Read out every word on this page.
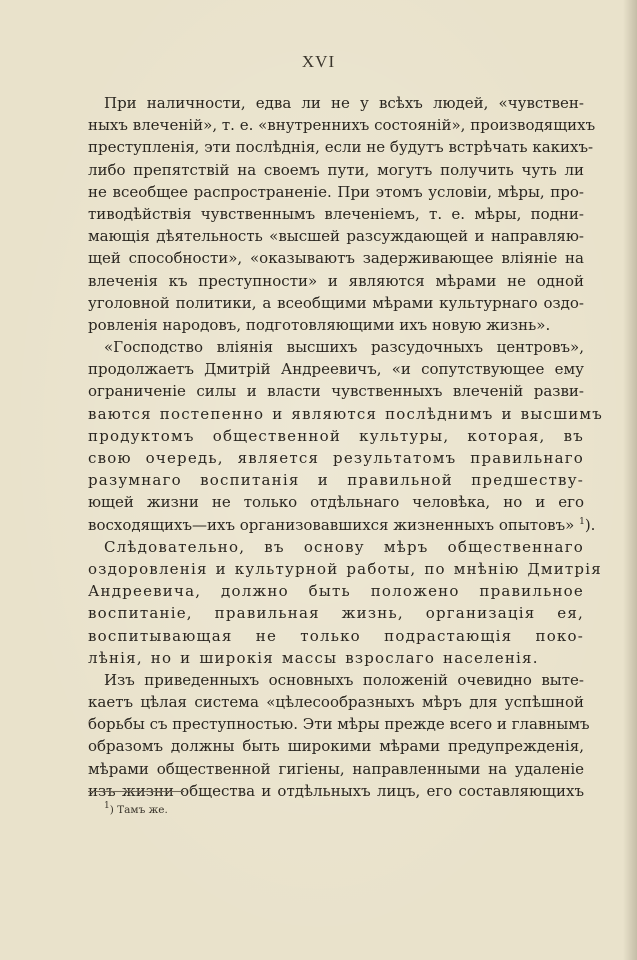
XVI
При наличности, едва ли не у всѣхъ людей, «чувствен-
ныхъ влеченій», т. е. «внутреннихъ состояній», производящихъ
преступленія, эти послѣднія, если не будутъ встрѣчать какихъ-
либо препятствій на своемъ пути, могутъ получить чуть ли
не всеобщее распространеніе. При этомъ условіи, мѣры, про-
тиводѣйствія чувственнымъ влеченіемъ, т. е. мѣры, подни-
мающія дѣятельность «высшей разсуждающей и направляю-
щей способности», «оказываютъ задерживающее вліяніе на
влеченія къ преступности» и являются мѣрами не одной
уголовной политики, а всеобщими мѣрами культурнаго оздо-
ровленія народовъ, подготовляющими ихъ новую жизнь».
«Господство вліянія высшихъ разсудочныхъ центровъ»,
продолжаетъ Дмитрій Андреевичъ, «и сопутствующее ему
ограниченіе силы и власти чувственныхъ влеченій разви-
ваются постепенно и являются послѣднимъ и высшимъ
продуктомъ общественной культуры, которая, въ
свою очередь, является результатомъ правильнаго
разумнаго воспитанія и правильной предшеству-
ющей жизни не только отдѣльнаго человѣка, но и его
восходящихъ—ихъ организовавшихся жизненныхъ опытовъ» $^1$).
Слѣдовательно, въ основу мѣръ общественнаго
оздоровленія и культурной работы, по мнѣнію Дмитрія
Андреевича, должно быть положено правильное
воспитаніе, правильная жизнь, организація ея,
воспитывающая не только подрастающія поко-
лѣнія, но и широкія массы взрослаго населенія.
Изъ приведенныхъ основныхъ положеній очевидно выте-
каетъ цѣлая система «цѣлесообразныхъ мѣръ для успѣшной
борьбы съ преступностью. Эти мѣры прежде всего и главнымъ
образомъ должны быть широкими мѣрами предупрежденія,
мѣрами общественной гигіены, направленными на удаленіе
изъ жизни общества и отдѣльныхъ лицъ, его составляющихъ
$^1$) Тамъ же.
